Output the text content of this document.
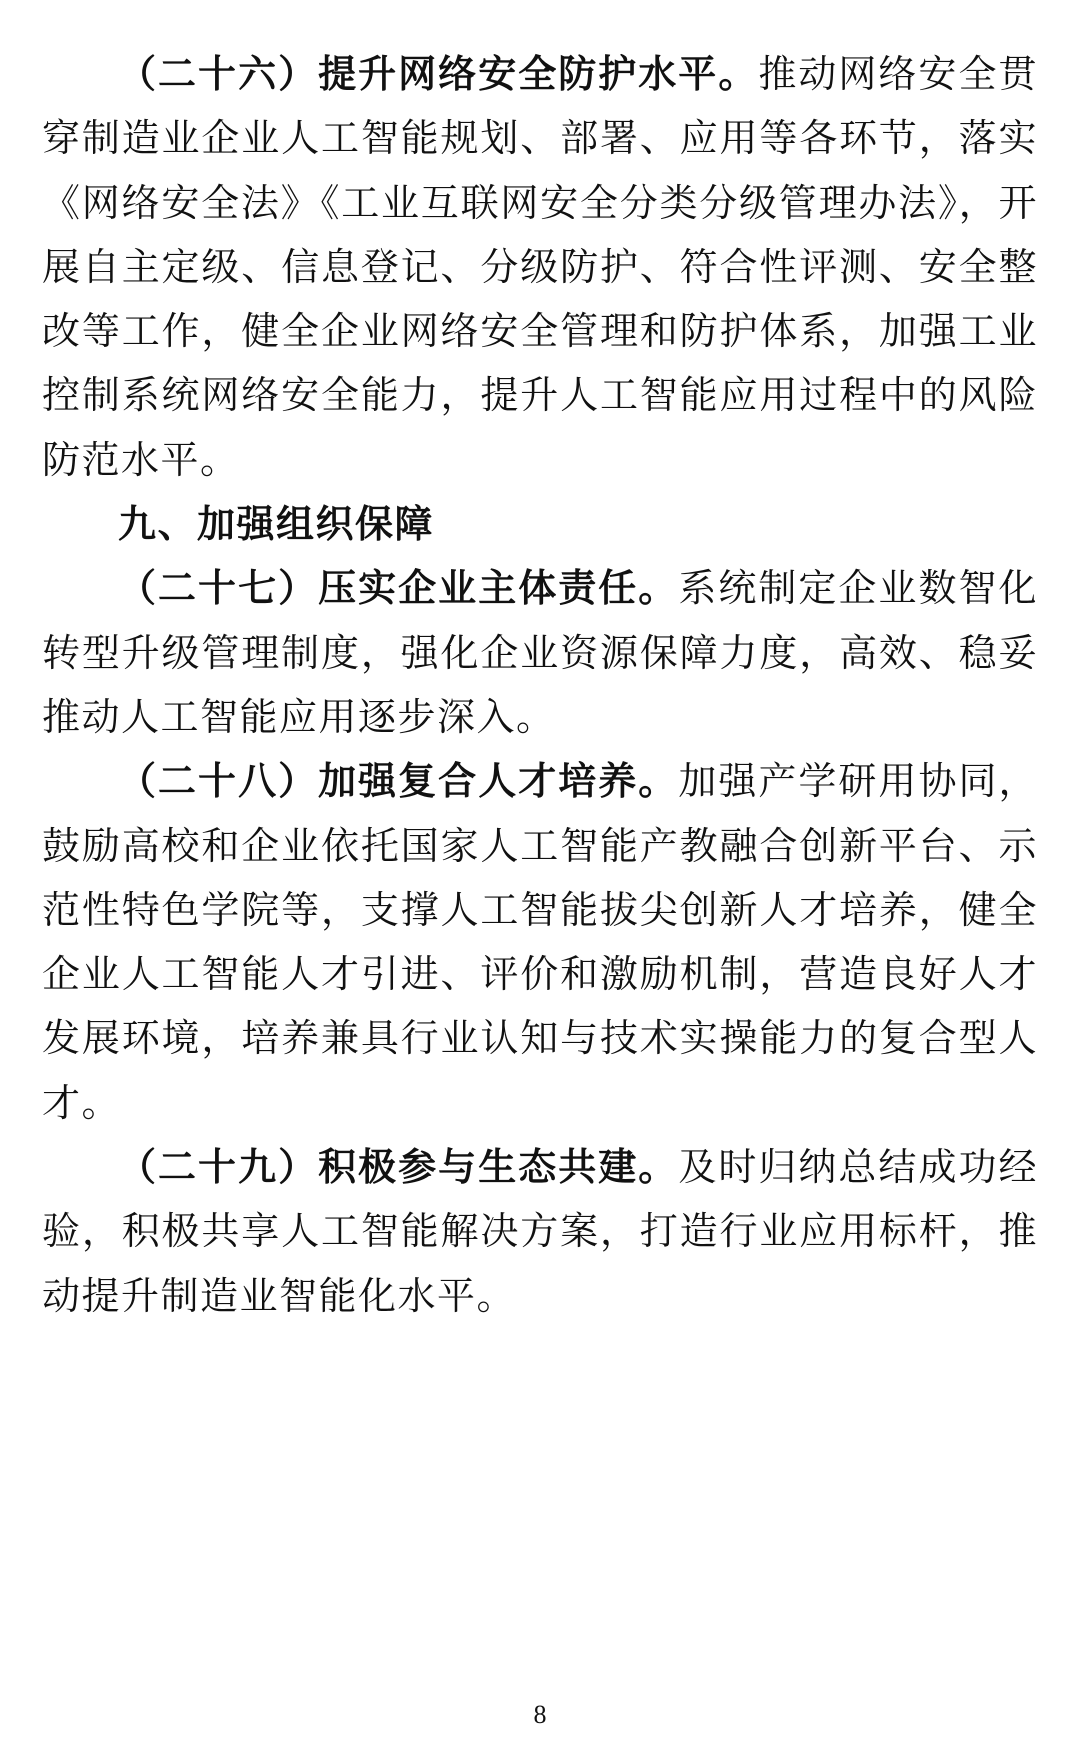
（二十六）提升网络安全防护水平。推动网络安全贯穿制造业企业人工智能规划、部署、应用等各环节，落实《网络安全法》《工业互联网安全分类分级管理办法》，开展自主定级、信息登记、分级防护、符合性评测、安全整改等工作，健全企业网络安全管理和防护体系，加强工业控制系统网络安全能力，提升人工智能应用过程中的风险防范水平。

九、加强组织保障

（二十七）压实企业主体责任。系统制定企业数智化转型升级管理制度，强化企业资源保障力度，高效、稳妥推动人工智能应用逐步深入。

（二十八）加强复合人才培养。加强产学研用协同，鼓励高校和企业依托国家人工智能产教融合创新平台、示范性特色学院等，支撑人工智能拔尖创新人才培养，健全企业人工智能人才引进、评价和激励机制，营造良好人才发展环境，培养兼具行业认知与技术实操能力的复合型人才。

（二十九）积极参与生态共建。及时归纳总结成功经验，积极共享人工智能解决方案，打造行业应用标杆，推动提升制造业智能化水平。

8
